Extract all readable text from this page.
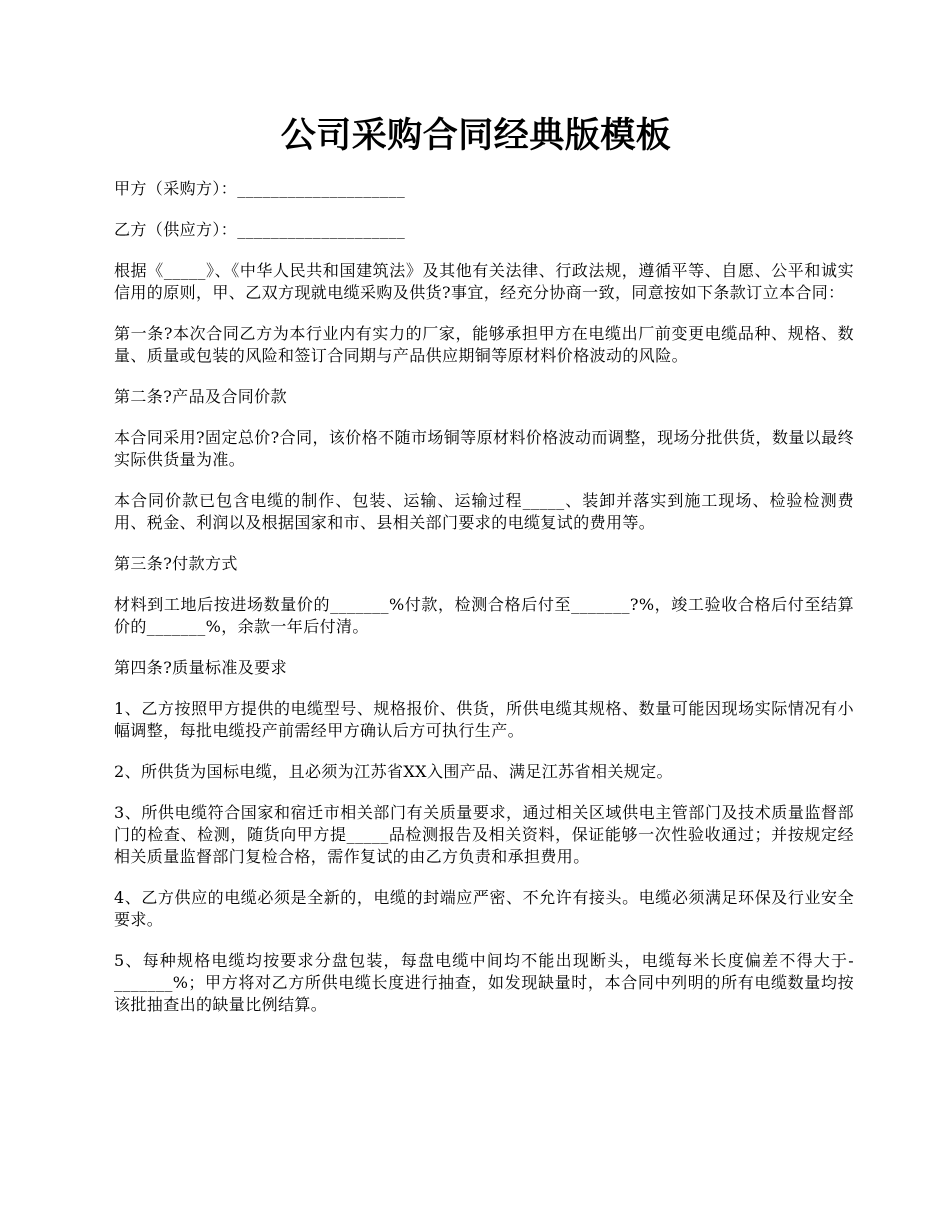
公司采购合同经典版模板

甲方（采购方）：____________________

乙方（供应方）：____________________

根据《_____》、《中华人民共和国建筑法》及其他有关法律、行政法规，遵循平等、自愿、公平和诚实信用的原则，甲、乙双方现就电缆采购及供货?事宜，经充分协商一致，同意按如下条款订立本合同：

第一条?本次合同乙方为本行业内有实力的厂家，能够承担甲方在电缆出厂前变更电缆品种、规格、数量、质量或包装的风险和签订合同期与产品供应期铜等原材料价格波动的风险。

第二条?产品及合同价款

本合同采用?固定总价?合同，该价格不随市场铜等原材料价格波动而调整，现场分批供货，数量以最终实际供货量为准。

本合同价款已包含电缆的制作、包装、运输、运输过程_____、装卸并落实到施工现场、检验检测费用、税金、利润以及根据国家和市、县相关部门要求的电缆复试的费用等。

第三条?付款方式

材料到工地后按进场数量价的_______%付款，检测合格后付至_______?%，竣工验收合格后付至结算价的_______%，余款一年后付清。

第四条?质量标准及要求

1、乙方按照甲方提供的电缆型号、规格报价、供货，所供电缆其规格、数量可能因现场实际情况有小幅调整，每批电缆投产前需经甲方确认后方可执行生产。

2、所供货为国标电缆，且必须为江苏省XX入围产品、满足江苏省相关规定。

3、所供电缆符合国家和宿迁市相关部门有关质量要求，通过相关区域供电主管部门及技术质量监督部门的检查、检测，随货向甲方提_____品检测报告及相关资料，保证能够一次性验收通过；并按规定经相关质量监督部门复检合格，需作复试的由乙方负责和承担费用。

4、乙方供应的电缆必须是全新的，电缆的封端应严密、不允许有接头。电缆必须满足环保及行业安全要求。

5、每种规格电缆均按要求分盘包装，每盘电缆中间均不能出现断头，电缆每米长度偏差不得大于-_______%；甲方将对乙方所供电缆长度进行抽查，如发现缺量时，本合同中列明的所有电缆数量均按该批抽查出的缺量比例结算。
